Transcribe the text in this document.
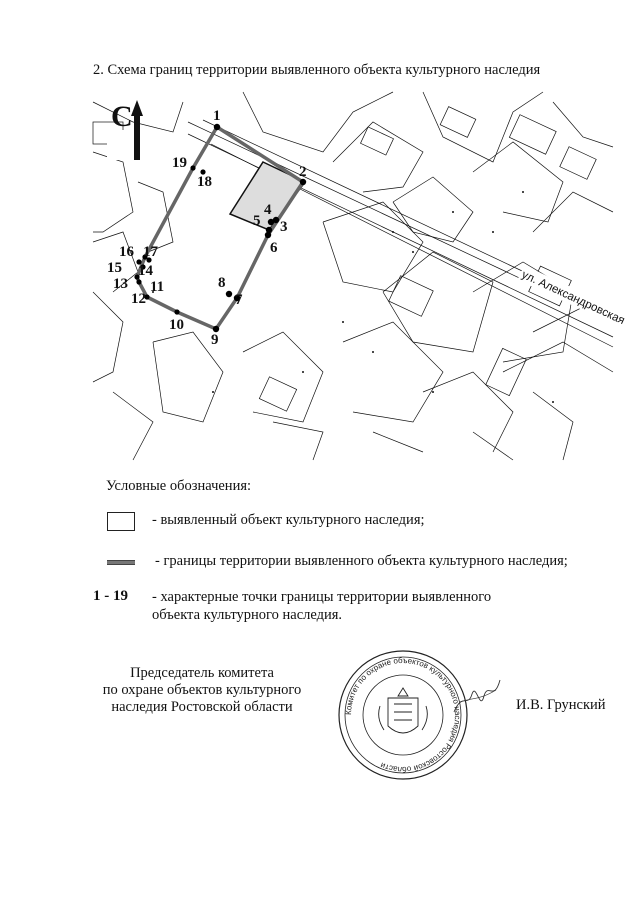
2. Схема границ территории выявленного объекта культурного наследия
1
2
3
4
5
6
7
8
9
10
11
12
13
14
15
16 17
18
19
С
ул. Александровская
Условные обозначения:
- выявленный объект культурного наследия;
- границы территории выявленного объекта культурного наследия;
1 - 19 - характерные точки границы территории выявленного
объекта культурного наследия.
Председатель комитета
по охране объектов культурного
наследия Ростовской области	Комитет по охране объектов культурного наследия Ростовской области
И.В. Грунский
